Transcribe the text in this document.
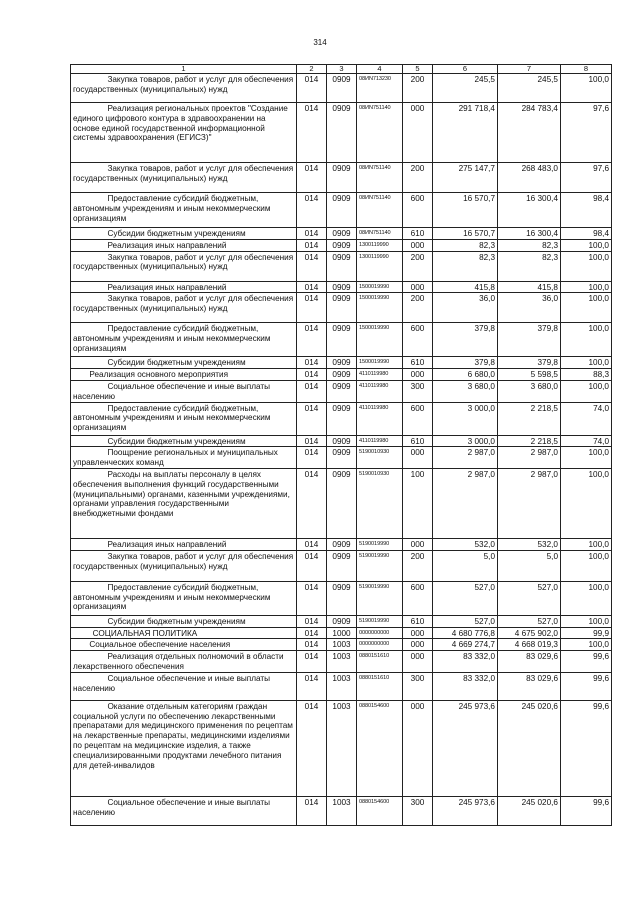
314
1	2	3	4	5	6	7	8
Закупка товаров, работ и услуг для обеспечения государственных (муниципальных) нужд	014	0909	08ИN713230	200	245,5	245,5	100,0
Реализация региональных проектов "Создание единого цифрового контура в здравоохранении на основе единой государственной информационной системы здравоохранения (ЕГИСЗ)"	014	0909	08ИN751140	000	291 718,4	284 783,4	97,6
Закупка товаров, работ и услуг для обеспечения государственных (муниципальных) нужд	014	0909	08ИN751140	200	275 147,7	268 483,0	97,6
Предоставление субсидий бюджетным, автономным учреждениям и иным некоммерческим организациям	014	0909	08ИN751140	600	16 570,7	16 300,4	98,4
Субсидии бюджетным учреждениям	014	0909	08ИN751140	610	16 570,7	16 300,4	98,4
Реализация иных направлений	014	0909	1300119990	000	82,3	82,3	100,0
Закупка товаров, работ и услуг для обеспечения государственных (муниципальных) нужд	014	0909	1300119990	200	82,3	82,3	100,0
Реализация иных направлений	014	0909	1500019990	000	415,8	415,8	100,0
Закупка товаров, работ и услуг для обеспечения государственных (муниципальных) нужд	014	0909	1500019990	200	36,0	36,0	100,0
Предоставление субсидий бюджетным, автономным учреждениям и иным некоммерческим организациям	014	0909	1500019990	600	379,8	379,8	100,0
Субсидии бюджетным учреждениям	014	0909	1500019990	610	379,8	379,8	100,0
Реализация основного мероприятия	014	0909	4110119980	000	6 680,0	5 598,5	88,3
Социальное обеспечение и иные выплаты населению	014	0909	4110119980	300	3 680,0	3 680,0	100,0
Предоставление субсидий бюджетным, автономным учреждениям и иным некоммерческим организациям	014	0909	4110119980	600	3 000,0	2 218,5	74,0
Субсидии бюджетным учреждениям	014	0909	4110119980	610	3 000,0	2 218,5	74,0
Поощрение региональных и муниципальных управленческих команд	014	0909	5190010930	000	2 987,0	2 987,0	100,0
Расходы на выплаты персоналу в целях обеспечения выполнения функций государственными (муниципальными) органами, казенными учреждениями, органами управления государственными внебюджетными фондами	014	0909	5190010930	100	2 987,0	2 987,0	100,0
Реализация иных направлений	014	0909	5190019990	000	532,0	532,0	100,0
Закупка товаров, работ и услуг для обеспечения государственных (муниципальных) нужд	014	0909	5190019990	200	5,0	5,0	100,0
Предоставление субсидий бюджетным, автономным учреждениям и иным некоммерческим организациям	014	0909	5190019990	600	527,0	527,0	100,0
Субсидии бюджетным учреждениям	014	0909	5190019990	610	527,0	527,0	100,0
СОЦИАЛЬНАЯ ПОЛИТИКА	014	1000	0000000000	000	4 680 776,8	4 675 902,0	99,9
Социальное обеспечение населения	014	1003	0000000000	000	4 669 274,7	4 668 019,3	100,0
Реализация отдельных полномочий в области лекарственного обеспечения	014	1003	0880151610	000	83 332,0	83 029,6	99,6
Социальное обеспечение и иные выплаты населению	014	1003	0880151610	300	83 332,0	83 029,6	99,6
Оказание отдельным категориям граждан социальной услуги по обеспечению лекарственными препаратами для медицинского применения по рецептам на лекарственные препараты, медицинскими изделиями по рецептам на медицинские изделия, а также специализированными продуктами лечебного питания для детей-инвалидов	014	1003	0880154600	000	245 973,6	245 020,6	99,6
Социальное обеспечение и иные выплаты населению	014	1003	0880154600	300	245 973,6	245 020,6	99,6
